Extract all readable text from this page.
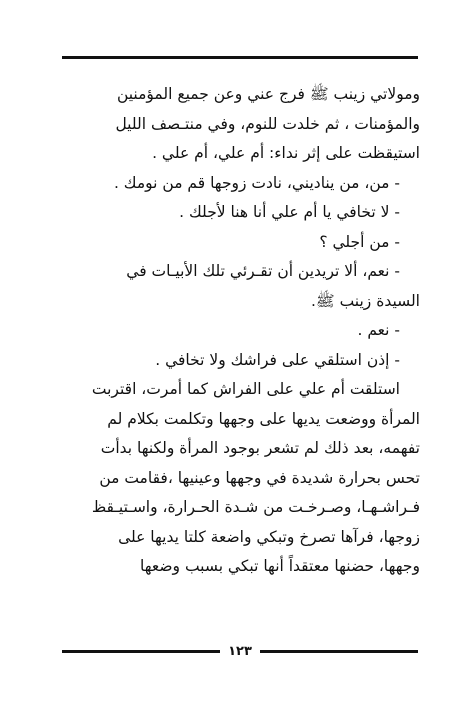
ومولاتي زينب ﷺ فرج عني وعن جميع المؤمنين
والمؤمنات ، ثم خلدت للنوم، وفي منتـصف الليل
استيقظت على إثر نداء: أم علي، أم علي .
- من، من يناديني، نادت زوجها قم من نومك .
- لا تخافي يا أم علي أنا هنا لأجلك .
- من أجلي ؟
- نعم، ألا تريدين أن تقـرئي تلك الأبيـات في
السيدة زينب ﷺ.
- نعم .
- إذن استلقي على فراشك ولا تخافي .
استلقت أم علي على الفراش كما أمرت، اقتربت
المرأة ووضعت يديها على وجهها وتكلمت بكلام لم
تفهمه، بعد ذلك لم تشعر بوجود المرأة ولكنها بدأت
تحس بحرارة شديدة في وجهها وعينيها ،فقامت من
فـراشـهـا، وصـرخـت من شـدة الحـرارة، واسـتيـقظ
زوجها، فرآها تصرخ وتبكي واضعة كلتا يديها على
وجهها، حضنها معتقداً أنها تبكي بسبب وضعها
١٢٣
